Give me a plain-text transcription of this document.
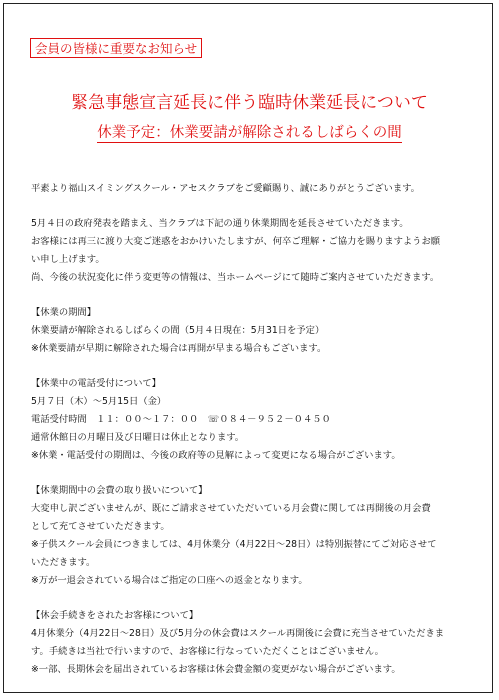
会員の皆様に重要なお知らせ
緊急事態宣言延長に伴う臨時休業延長について
休業予定：休業要請が解除されるしばらくの間
平素より福山スイミングスクール・アセスクラブをご愛顧賜り、誠にありがとうございます。
5月４日の政府発表を踏まえ、当クラブは下記の通り休業期間を延長させていただきます。
お客様には再三に渡り大変ご迷惑をおかけいたしますが、何卒ご理解・ご協力を賜りますようお願
い申し上げます。
尚、今後の状況変化に伴う変更等の情報は、当ホームページにて随時ご案内させていただきます。
【休業の期間】
休業要請が解除されるしばらくの間（5月４日現在：5月31日を予定）
※休業要請が早期に解除された場合は再開が早まる場合もございます。
【休業中の電話受付について】
5月７日（木）〜5月15日（金）
電話受付時間　１１：００〜１７：００　☏０８４－９５２－０４５０
通常休館日の月曜日及び日曜日は休止となります。
※休業・電話受付の期間は、今後の政府等の見解によって変更になる場合がございます。
【休業期間中の会費の取り扱いについて】
大変申し訳ございませんが、既にご請求させていただいている月会費に関しては再開後の月会費
として充てさせていただきます。
※子供スクール会員につきましては、4月休業分（4月22日〜28日）は特別振替にてご対応させて
いただきます。
※万が一退会されている場合はご指定の口座への返金となります。
【休会手続きをされたお客様について】
4月休業分（4月22日〜28日）及び5月分の休会費はスクール再開後に会費に充当させていただきま
す。手続きは当社で行いますので、お客様に行なっていただくことはございません。
※一部、長期休会を届出されているお客様は休会費金額の変更がない場合がございます。
